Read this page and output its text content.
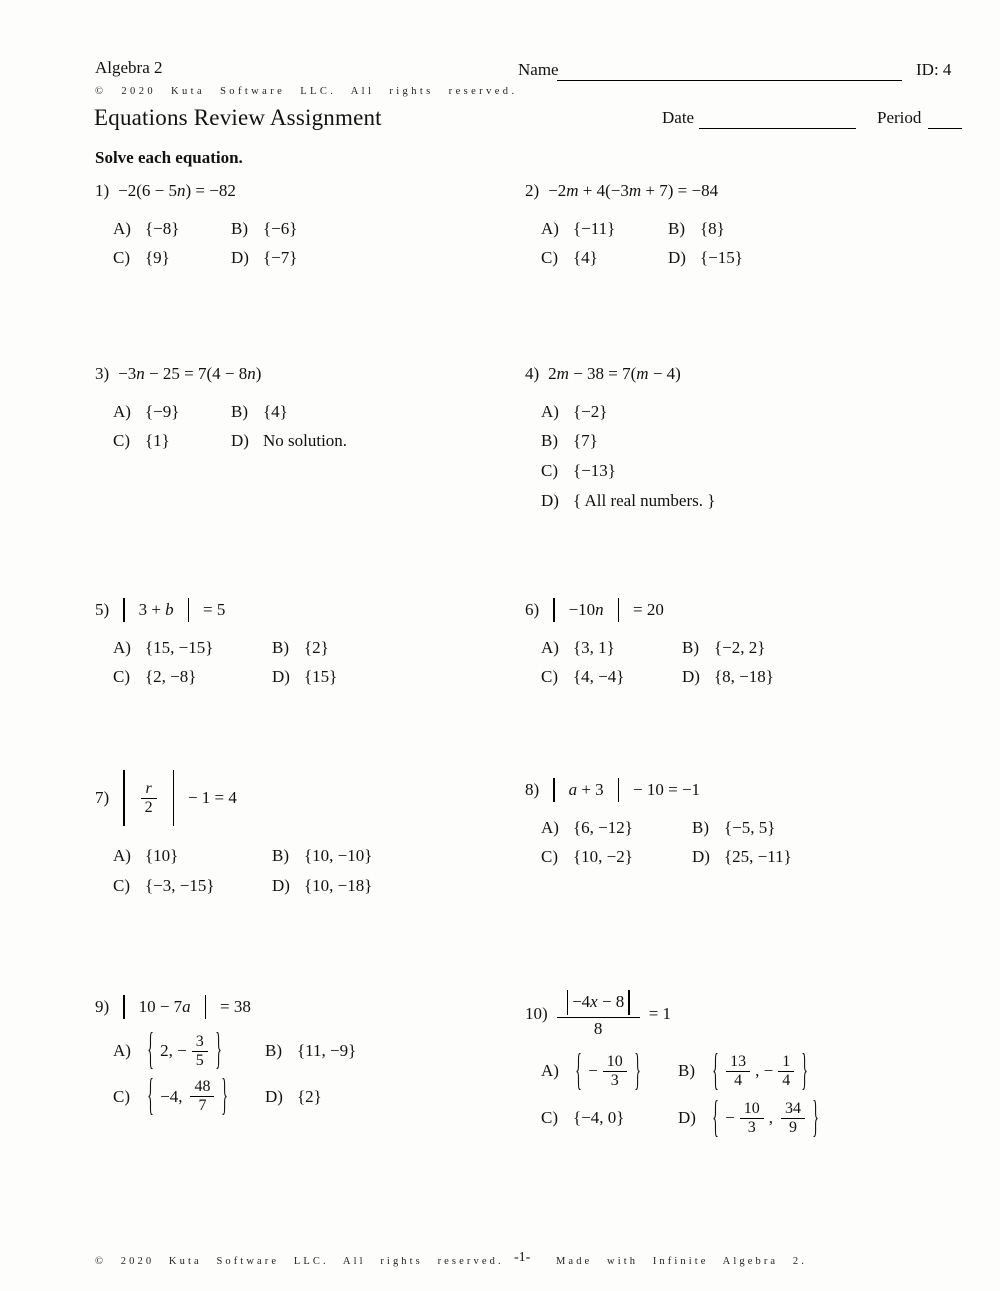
Algebra 2
© 2020 Kuta Software LLC. All rights reserved.
Equations Review Assignment
Name	ID: 4
Date	Period
Solve each equation.
1) −2(6 − 5n) = −82
A) {−8}	B) {−6}
C) {9}	D) {−7}
2) −2m + 4(−3m + 7) = −84
A) {−11}	B) {8}
C) {4}	D) {−15}
3) −3n − 25 = 7(4 − 8n)
A) {−9}	B) {4}
C) {1}	D) No solution.
4) 2m − 38 = 7(m − 4)
A) {−2}
B) {7}
C) {−13}
D) { All real numbers. }
5) 3 + b = 5
A) {15, −15}	B) {2}
C) {2, −8}	D) {15}
6) −10n = 20
A) {3, 1}	B) {−2, 2}
C) {4, −4}	D) {8, −18}
$7) \frac{r}{2} - 1 = 4$
A) {10}	B) {10, −10}
C) {−3, −15}	D) {10, −18}
8) a + 3 − 10 = −1
A) {6, −12}	B) {−5, 5}
C) {10, −2}	D) {25, −11}
9) 10 − 7a = 38
A) { 2, − $\frac{3}{5}$ }	B) {11, −9}
C) { −4, $\frac{48}{7}$ } D) {2}
$10) \frac{-4x - 8}{8} = 1$
A) { − $\frac{10}{3}$ } B) { $\frac{13}{4}$ , − $\frac{1}{4}$ }
C) {−4, 0}	D) { − $\frac{10}{3}$ , $\frac{34}{9}$ }
© 2020 Kuta Software LLC. All rights reserved. -1- Made with Infinite Algebra 2.
